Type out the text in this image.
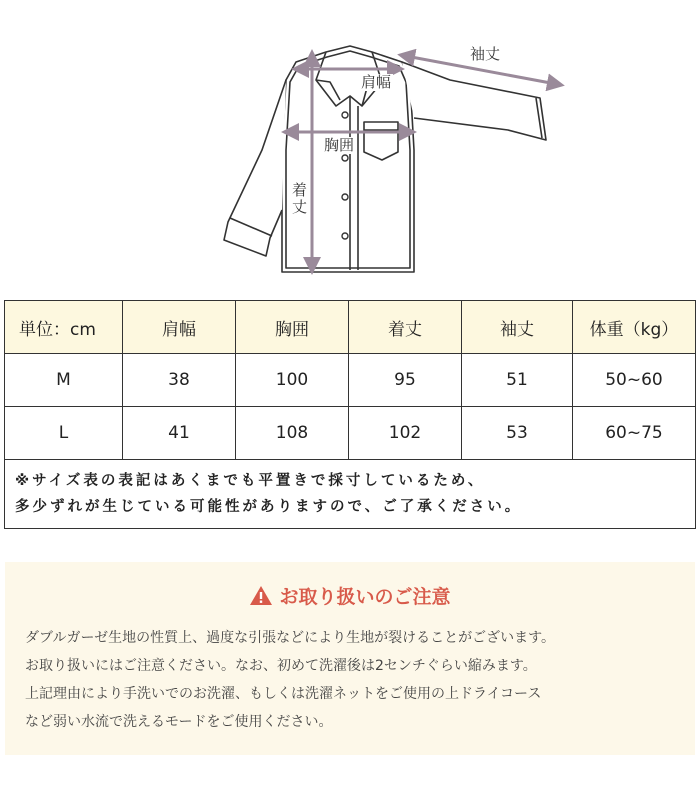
肩幅
胸囲
着丈
袖丈
単位：cm	肩幅	胸囲	着丈	袖丈	体重（kg）
M	38	100	95	51	50~60
L	41	108	102	53	60~75

※サイズ表の表記はあくまでも平置きで採寸しているため、
多少ずれが生じている可能性がありますので、ご了承ください。					
お取り扱いのご注意
ダブルガーゼ生地の性質上、過度な引張などにより生地が裂けることがございます。
お取り扱いにはご注意ください。なお、初めて洗濯後は2センチぐらい縮みます。
上記理由により手洗いでのお洗濯、もしくは洗濯ネットをご使用の上ドライコース
など弱い水流で洗えるモードをご使用ください。
